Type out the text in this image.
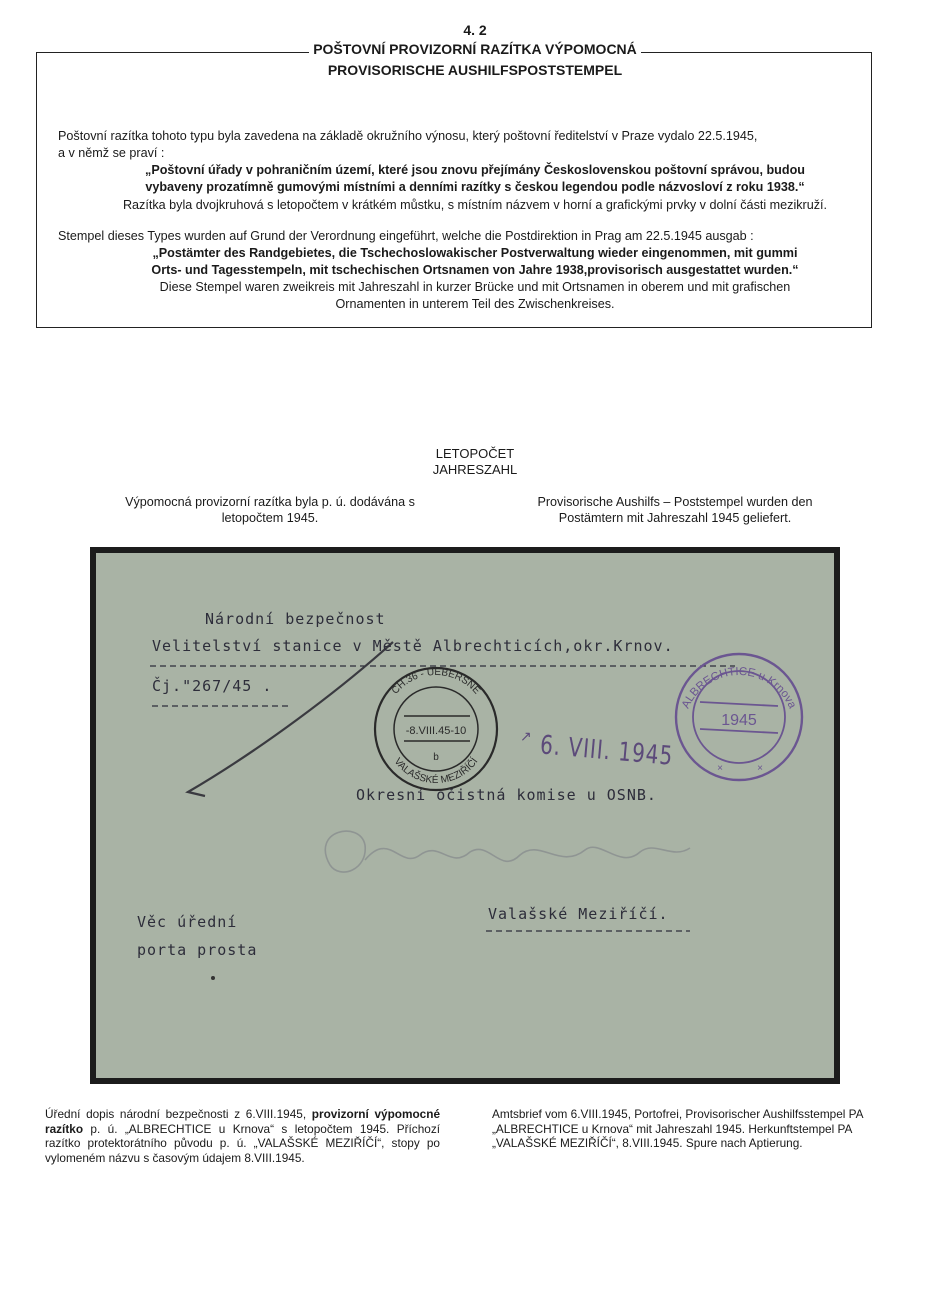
4. 2
POŠTOVNÍ PROVIZORNÍ RAZÍTKA VÝPOMOCNÁ
PROVISORISCHE AUSHILFSPOSTSTEMPEL
Poštovní razítka tohoto typu byla zavedena na základě okružního výnosu, který poštovní ředitelství v Praze vydalo 22.5.1945,
a v němž se praví :
„Poštovní úřady v pohraničním území, které jsou znovu přejímány Československou poštovní správou, budou
vybaveny prozatímně gumovými místními a denními razítky s českou legendou podle názvosloví z roku 1938.“
Razítka byla dvojkruhová s letopočtem v krátkém můstku, s místním názvem v horní a grafickými prvky v dolní části mezikruží.
Stempel dieses Types wurden auf Grund der Verordnung eingeführt, welche die Postdirektion in Prag am 22.5.1945 ausgab :
„Postämter des Randgebietes, die Tschechoslowakischer Postverwaltung wieder eingenommen, mit gummi
Orts- und Tagesstempeln, mit tschechischen Ortsnamen von Jahre 1938,provisorisch ausgestattet wurden.“
Diese Stempel waren zweikreis mit Jahreszahl in kurzer Brücke und mit Ortsnamen in oberem und mit grafischen
Ornamenten in unterem Teil des Zwischenkreises.
LETOPOČET
JAHRESZAHL
Výpomocná provizorní razítka byla p. ú. dodávána s
letopočtem 1945.
Provisorische Aushilfs – Poststempel wurden den
Postämtern mit Jahreszahl 1945 geliefert.
-8.VIII.45-10
b
CH.36 - UEBERSNE
VALAŠSKÉ MEZIŘÍČÍ
1945
ALBRECHTICE u Krnova
×	×
↗
Národní bezpečnost
Velitelství stanice v Městě Albrechticích,okr.Krnov.
Čj."267/45 .
6. VIII. 1945
Okresní očistná komise u OSNB.
Valašské Meziříčí.
Věc úřední
porta prosta
Úřední dopis národní bezpečnosti z 6.VIII.1945, provizorní výpomocné razítko p. ú. „ALBRECHTICE u Krnova“ s letopočtem 1945. Příchozí razítko protektorátního původu p. ú. „VALAŠSKÉ MEZIŘÍČÍ“, stopy po vylomeném názvu s časovým údajem 8.VIII.1945.
Amtsbrief vom 6.VIII.1945, Portofrei, Provisorischer Aushilfsstempel PA „ALBRECHTICE u Krnova“ mit Jahreszahl 1945. Herkunftstempel PA „VALAŠSKÉ MEZIŘÍČÍ“, 8.VIII.1945. Spure nach Aptierung.
